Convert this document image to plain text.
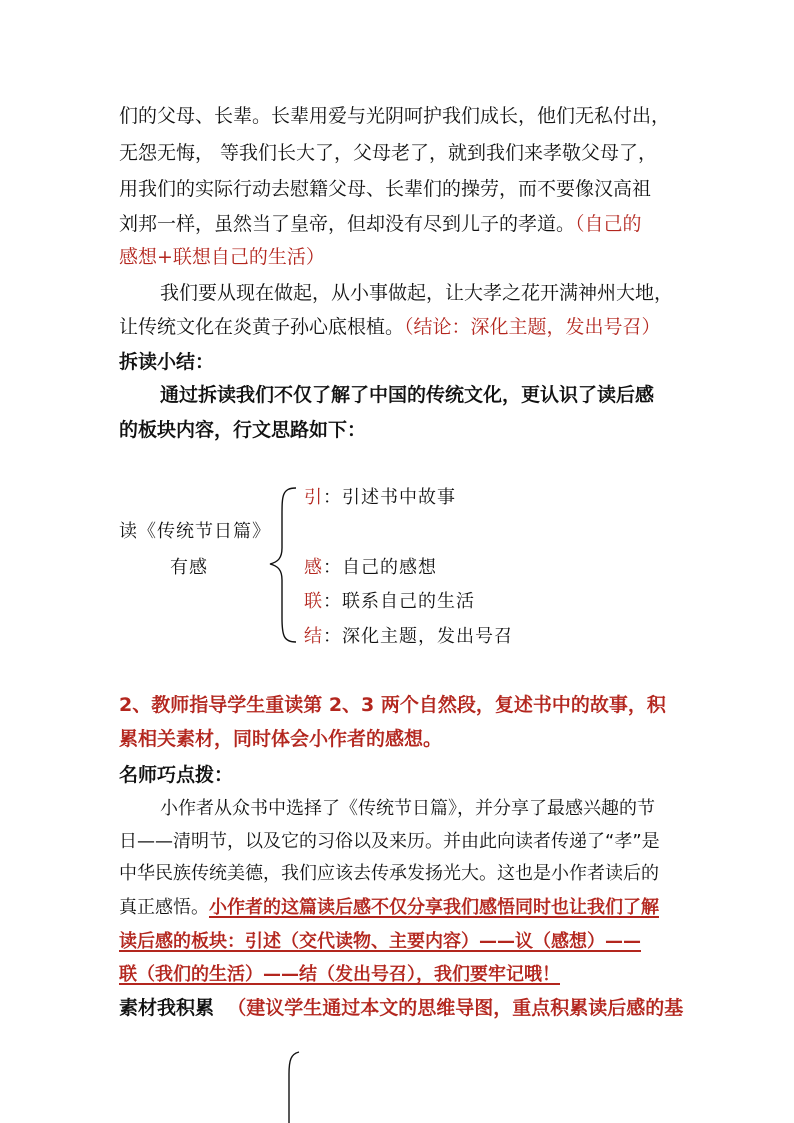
们的父母、长辈。长辈用爱与光阴呵护我们成长，他们无私付出，
无怨无悔， 等我们长大了，父母老了，就到我们来孝敬父母了，
用我们的实际行动去慰籍父母、长辈们的操劳，而不要像汉高祖
刘邦一样，虽然当了皇帝，但却没有尽到儿子的孝道。（自己的
感想+联想自己的生活）
我们要从现在做起，从小事做起，让大孝之花开满神州大地，
让传统文化在炎黄子孙心底根植。（结论：深化主题，发出号召）
拆读小结：
通过拆读我们不仅了解了中国的传统文化，更认识了读后感
的板块内容，行文思路如下：
读《传统节日篇》
有感
引：引述书中故事
感：自己的感想
联：联系自己的生活
结：深化主题，发出号召
2、教师指导学生重读第 2、3 两个自然段，复述书中的故事，积
累相关素材，同时体会小作者的感想。
名师巧点拨：
小作者从众书中选择了《传统节日篇》，并分享了最感兴趣的节
日——清明节，以及它的习俗以及来历。并由此向读者传递了“孝”是
中华民族传统美德，我们应该去传承发扬光大。这也是小作者读后的
真正感悟。小作者的这篇读后感不仅分享我们感悟同时也让我们了解
读后感的板块：引述（交代读物、主要内容）——议（感想）——
联（我们的生活）——结（发出号召），我们要牢记哦！
素材我积累 （建议学生通过本文的思维导图，重点积累读后感的基
